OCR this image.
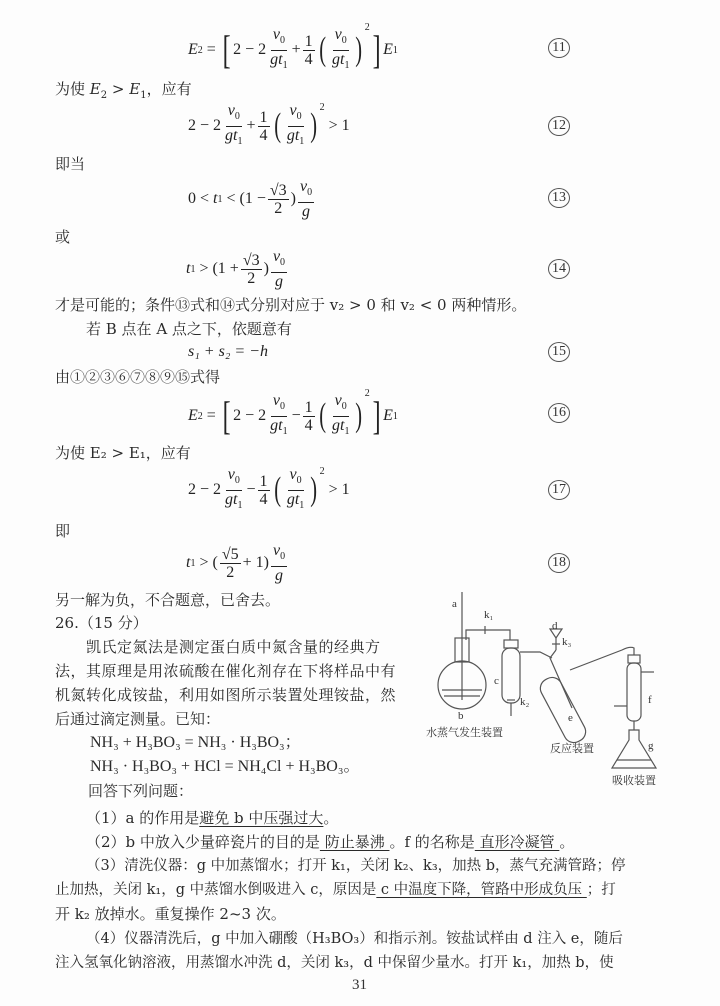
E 2 = [ $2 - 2 \frac{v_0}{gt_1} + \frac{1}{4}$ ( $\frac{v_0}{gt_1}$ )
2 ] E 1	11
为使 $E_2 > E_1$，应有
$2 - 2 \frac{v_0}{gt_1} + \frac{1}{4}$ ( $\frac{v_0}{gt_1} )^2$

> 1	12
即当
0 <
t 1
< ($1 - \frac{√3}{2}$ ) $\frac{v_0}{g}$	13
或
t 1
> ($1 + \frac{√3}{2}$ ) $\frac{v_0}{g}$	14
才是可能的；条件⑬式和⑭式分别对应于 v₂ > 0 和 v₂ < 0 两种情形。
若 B 点在 A 点之下，依题意有
s₁ + s₂ = −h	15
由①②③⑥⑦⑧⑨⑮式得
E 2 = [ $2 - 2 \frac{v_0}{gt_1} - \frac{1}{4}$ ( $\frac{v_0}{gt_1}$ )
2 ] E 1	16
为使 E₂ > E₁，应有
$2 - 2 \frac{v_0}{gt_1} - \frac{1}{4}$ ( $\frac{v_0}{gt_1} )^2$

> 1	17
即
t 1
> ( $\frac{√5}{2} + 1) \frac{v_0}{g}$	18
另一解为负，不合题意，已舍去。
26.（15 分）
凯氏定氮法是测定蛋白质中氮含量的经典方
法，其原理是用浓硫酸在催化剂存在下将样品中有
机氮转化成铵盐，利用如图所示装置处理铵盐，然
后通过滴定测量。已知：
NH₃ + H₃BO₃ = NH₃ · H₃BO₃；
NH₃ · H₃BO₃ + HCl = NH₄Cl + H₃BO₃。
回答下列问题：
（1）a 的作用是避免 b 中压强过大。
（2）b 中放入少量碎瓷片的目的是 防止暴沸 。f 的名称是 直形冷凝管 。
（3）清洗仪器：g 中加蒸馏水；打开 k₁，关闭 k₂、k₃，加热 b，蒸气充满管路；停
止加热，关闭 k₁，g 中蒸馏水倒吸进入 c，原因是 c 中温度下降，管路中形成负压 ；打
开 k₂ 放掉水。重复操作 2~3 次。
（4）仪器清洗后，g 中加入硼酸（H₃BO₃）和指示剂。铵盐试样由 d 注入 e，随后
注入氢氧化钠溶液，用蒸馏水冲洗 d，关闭 k₃，d 中保留少量水。打开 k₁，加热 b，使
a
k₁
d
k₃
c
k₂
b	e
f
g
水蒸气发生装置
反应装置
吸收装置
31
